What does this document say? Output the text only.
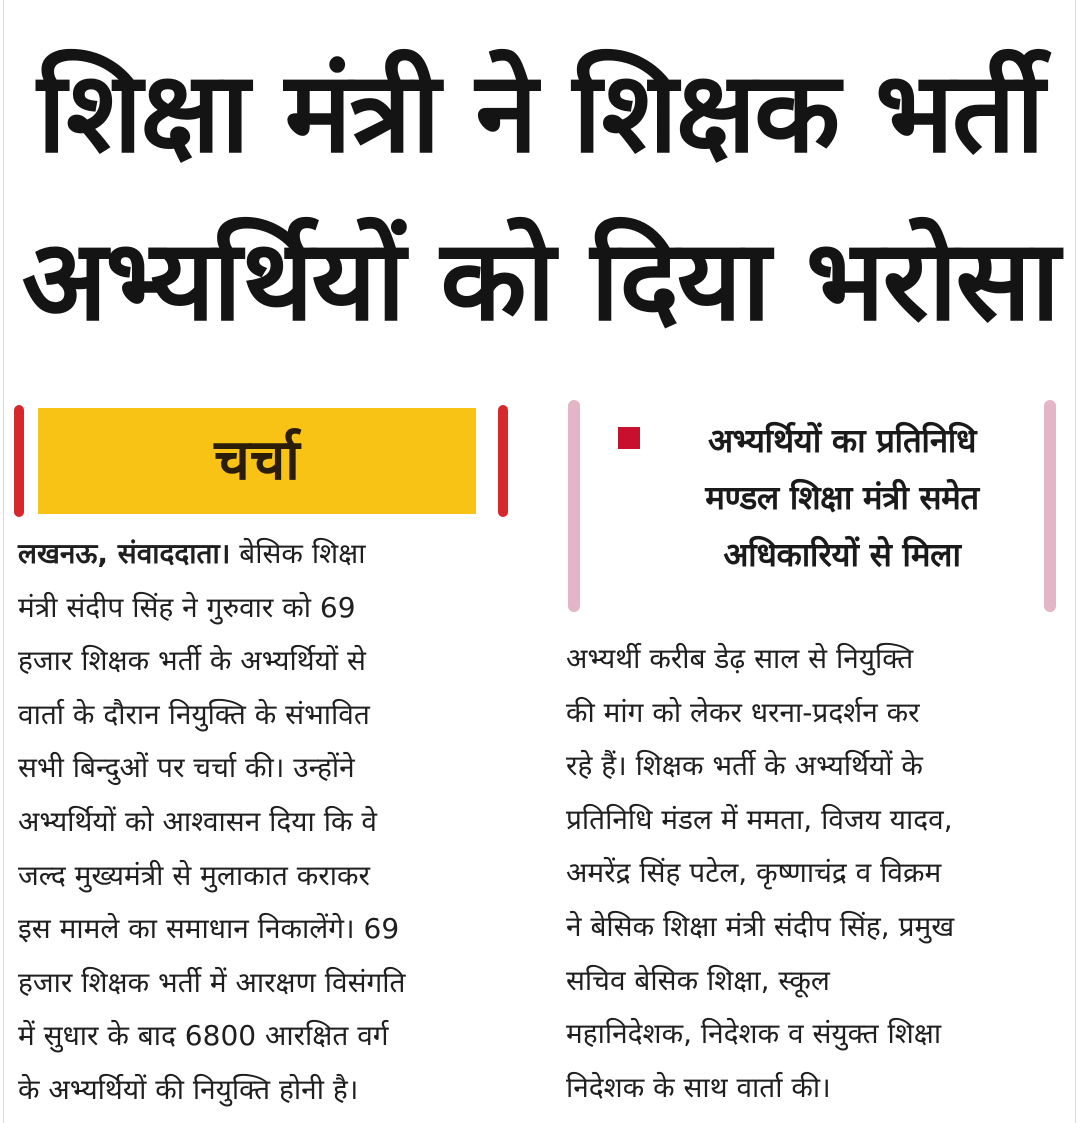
शिक्षा मंत्री ने शिक्षक भर्ती
अभ्यर्थियों को दिया भरोसा
चर्चा	अभ्यर्थियों का प्रतिनिधि
मण्डल शिक्षा मंत्री समेत
अधिकारियों से मिला
लखनऊ, संवाददाता। बेसिक शिक्षा
मंत्री संदीप सिंह ने गुरुवार को 69
हजार शिक्षक भर्ती के अभ्यर्थियों से
वार्ता के दौरान नियुक्ति के संभावित
सभी बिन्दुओं पर चर्चा की। उन्होंने
अभ्यर्थियों को आश्वासन दिया कि वे
जल्द मुख्यमंत्री से मुलाकात कराकर
इस मामले का समाधान निकालेंगे। 69
हजार शिक्षक भर्ती में आरक्षण विसंगति
में सुधार के बाद 6800 आरक्षित वर्ग
के अभ्यर्थियों की नियुक्ति होनी है।
अभ्यर्थी करीब डेढ़ साल से नियुक्ति
की मांग को लेकर धरना-प्रदर्शन कर
रहे हैं। शिक्षक भर्ती के अभ्यर्थियों के
प्रतिनिधि मंडल में ममता, विजय यादव,
अमरेंद्र सिंह पटेल, कृष्णाचंद्र व विक्रम
ने बेसिक शिक्षा मंत्री संदीप सिंह, प्रमुख
सचिव बेसिक शिक्षा, स्कूल
महानिदेशक, निदेशक व संयुक्त शिक्षा
निदेशक के साथ वार्ता की।
